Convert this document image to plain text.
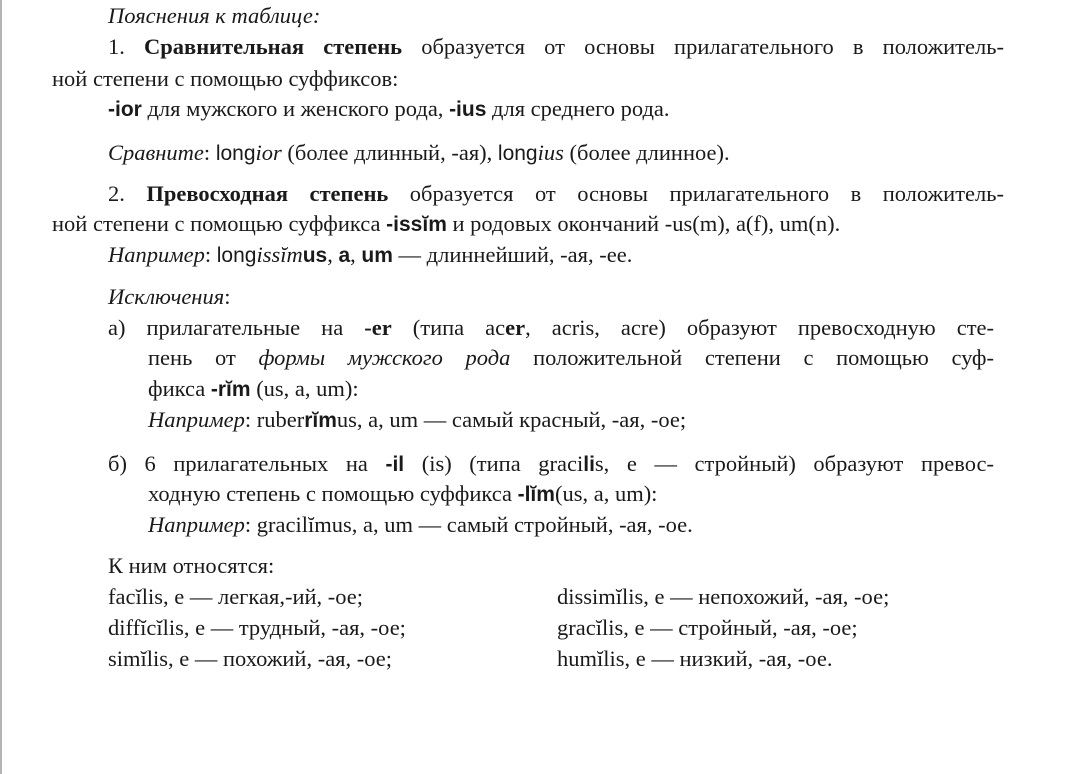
Пояснения к таблице:
1. Сравнительная степень образуется от основы прилагательного в положитель-
ной степени с помощью суффиксов:
-ior для мужского и женского рода, -ius для среднего рода.
Сравните: longior (более длинный, -ая), longius (более длинное).
2. Превосходная степень образуется от основы прилагательного в положитель-
ной степени с помощью суффикса -issĭm и родовых окончаний -us(m), a(f), um(n).
Например: longissĭmus, a, um — длиннейший, -ая, -ее.
Исключения:
а) прилагательные на -er (типа acer, acris, acre) образуют превосходную сте-
пень от формы мужского рода положительной степени с помощью суф-
фикса -rĭm (us, a, um):
Например: ruberrĭmus, a, um — самый красный, -ая, -ое;
б) 6 прилагательных на -il (is) (типа gracilis, e — стройный) образуют превос-
ходную степень с помощью суффикса -lĭm(us, a, um):
Например: gracilĭmus, a, um — самый стройный, -ая, -ое.
К ним относятся:
facĭlis, e — легкая,-ий, -ое;
diffĭcĭlis, e — трудный, -ая, -ое;
simĭlis, e — похожий, -ая, -ое;
dissimĭlis, e — непохожий, -ая, -ое;
gracĭlis, e — стройный, -ая, -ое;
humĭlis, e — низкий, -ая, -ое.
